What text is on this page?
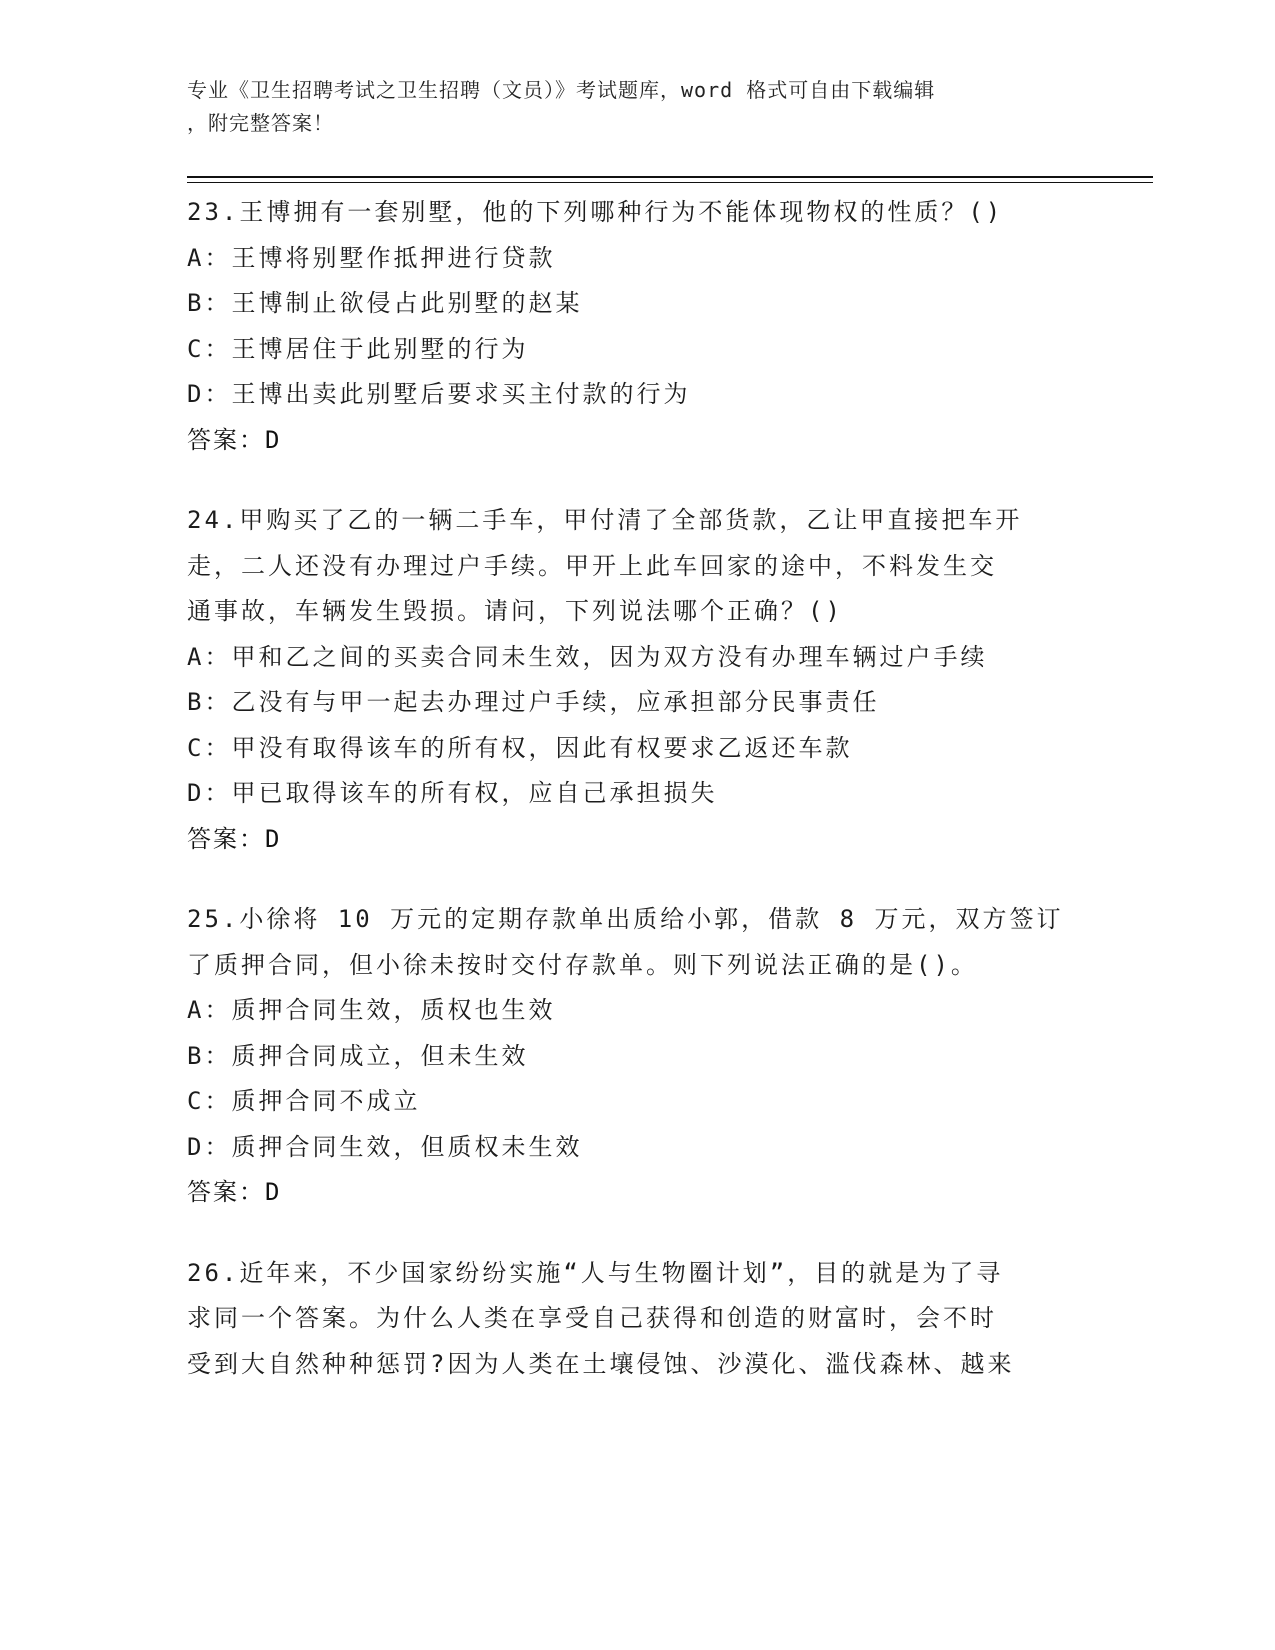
专业《卫生招聘考试之卫生招聘（文员）》考试题库，word 格式可自由下载编辑
，附完整答案！
23.王博拥有一套别墅，他的下列哪种行为不能体现物权的性质？()
A：王博将别墅作抵押进行贷款
B：王博制止欲侵占此别墅的赵某
C：王博居住于此别墅的行为
D：王博出卖此别墅后要求买主付款的行为
答案：D
24.甲购买了乙的一辆二手车，甲付清了全部货款，乙让甲直接把车开
走，二人还没有办理过户手续。甲开上此车回家的途中，不料发生交
通事故，车辆发生毁损。请问，下列说法哪个正确？()
A：甲和乙之间的买卖合同未生效，因为双方没有办理车辆过户手续
B：乙没有与甲一起去办理过户手续，应承担部分民事责任
C：甲没有取得该车的所有权，因此有权要求乙返还车款
D：甲已取得该车的所有权，应自己承担损失
答案：D
25.小徐将 10 万元的定期存款单出质给小郭，借款 8 万元，双方签订
了质押合同，但小徐未按时交付存款单。则下列说法正确的是()。
A：质押合同生效，质权也生效
B：质押合同成立，但未生效
C：质押合同不成立
D：质押合同生效，但质权未生效
答案：D
26.近年来，不少国家纷纷实施“人与生物圈计划”，目的就是为了寻
求同一个答案。为什么人类在享受自己获得和创造的财富时，会不时
受到大自然种种惩罚?因为人类在土壤侵蚀、沙漠化、滥伐森林、越来
